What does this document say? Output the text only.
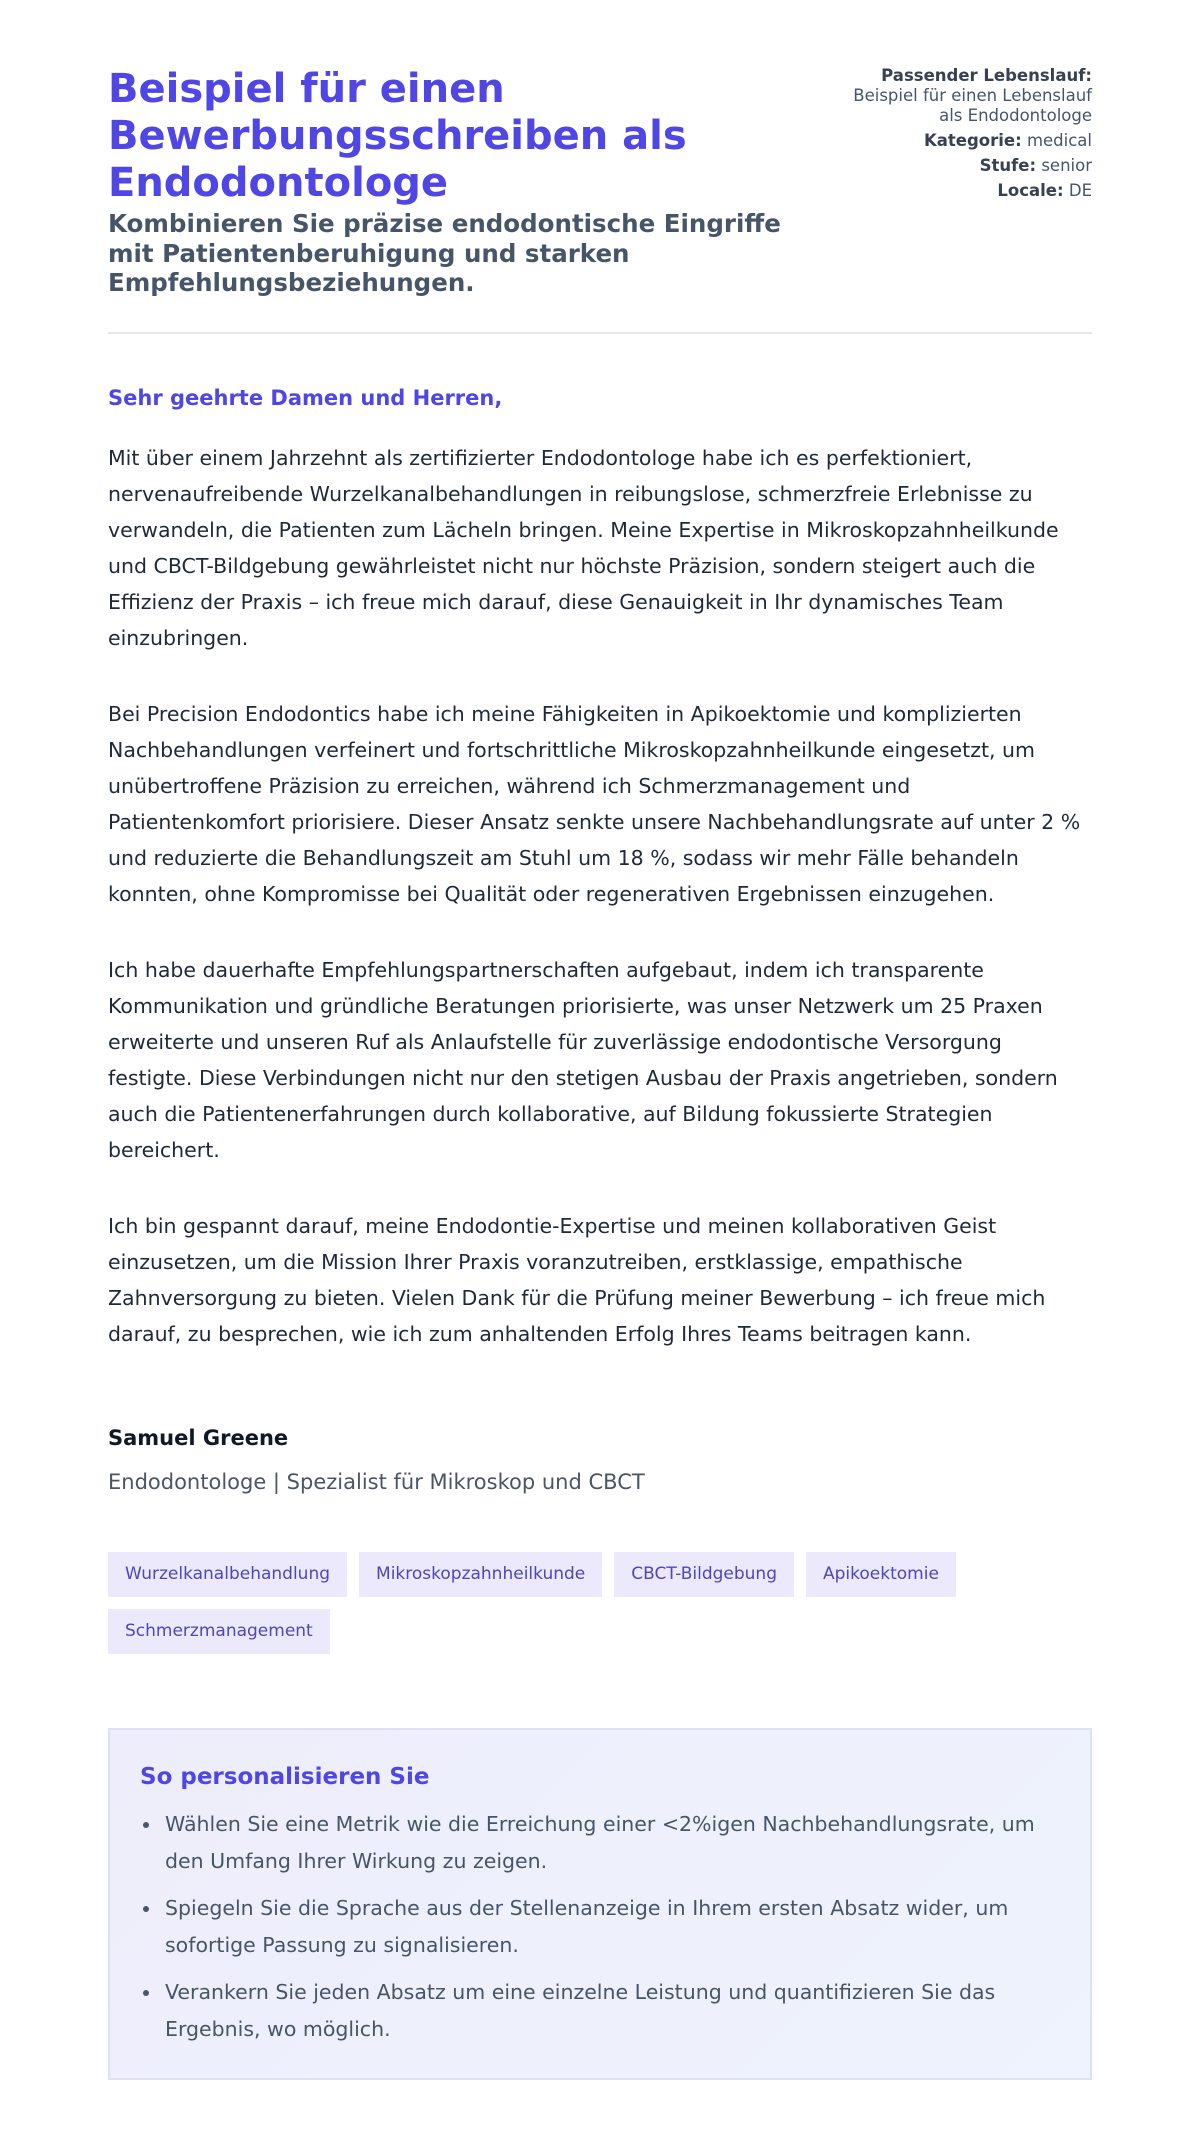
Beispiel für einen Bewerbungsschreiben als Endodontologe
Kombinieren Sie präzise endodontische Eingriffe mit Patientenberuhigung und starken Empfehlungsbeziehungen.
Passender Lebenslauf:
Beispiel für einen Lebenslauf als Endodontologe
Kategorie: medical
Stufe: senior
Locale: DE

Sehr geehrte Damen und Herren,

Mit über einem Jahrzehnt als zertifizierter Endodontologe habe ich es perfektioniert, nervenaufreibende Wurzelkanalbehandlungen in reibungslose, schmerzfreie Erlebnisse zu verwandeln, die Patienten zum Lächeln bringen. Meine Expertise in Mikroskopzahnheilkunde und CBCT-Bildgebung gewährleistet nicht nur höchste Präzision, sondern steigert auch die Effizienz der Praxis – ich freue mich darauf, diese Genauigkeit in Ihr dynamisches Team einzubringen.

Bei Precision Endodontics habe ich meine Fähigkeiten in Apikoektomie und komplizierten Nachbehandlungen verfeinert und fortschrittliche Mikroskopzahnheilkunde eingesetzt, um unübertroffene Präzision zu erreichen, während ich Schmerzmanagement und Patientenkomfort priorisiere. Dieser Ansatz senkte unsere Nachbehandlungsrate auf unter 2 % und reduzierte die Behandlungszeit am Stuhl um 18 %, sodass wir mehr Fälle behandeln konnten, ohne Kompromisse bei Qualität oder regenerativen Ergebnissen einzugehen.

Ich habe dauerhafte Empfehlungspartnerschaften aufgebaut, indem ich transparente Kommunikation und gründliche Beratungen priorisierte, was unser Netzwerk um 25 Praxen erweiterte und unseren Ruf als Anlaufstelle für zuverlässige endodontische Versorgung festigte. Diese Verbindungen nicht nur den stetigen Ausbau der Praxis angetrieben, sondern auch die Patientenerfahrungen durch kollaborative, auf Bildung fokussierte Strategien bereichert.

Ich bin gespannt darauf, meine Endodontie-Expertise und meinen kollaborativen Geist einzusetzen, um die Mission Ihrer Praxis voranzutreiben, erstklassige, empathische Zahnversorgung zu bieten. Vielen Dank für die Prüfung meiner Bewerbung – ich freue mich darauf, zu besprechen, wie ich zum anhaltenden Erfolg Ihres Teams beitragen kann.

Samuel Greene
Endodontologe | Spezialist für Mikroskop und CBCT
Wurzelkanalbehandlung	Mikroskopzahnheilkunde	CBCT-Bildgebung	Apikoektomie
Schmerzmanagement
So personalisieren Sie
Wählen Sie eine Metrik wie die Erreichung einer <2%igen Nachbehandlungsrate, um den Umfang Ihrer Wirkung zu zeigen.
Spiegeln Sie die Sprache aus der Stellenanzeige in Ihrem ersten Absatz wider, um sofortige Passung zu signalisieren.
Verankern Sie jeden Absatz um eine einzelne Leistung und quantifizieren Sie das Ergebnis, wo möglich.
